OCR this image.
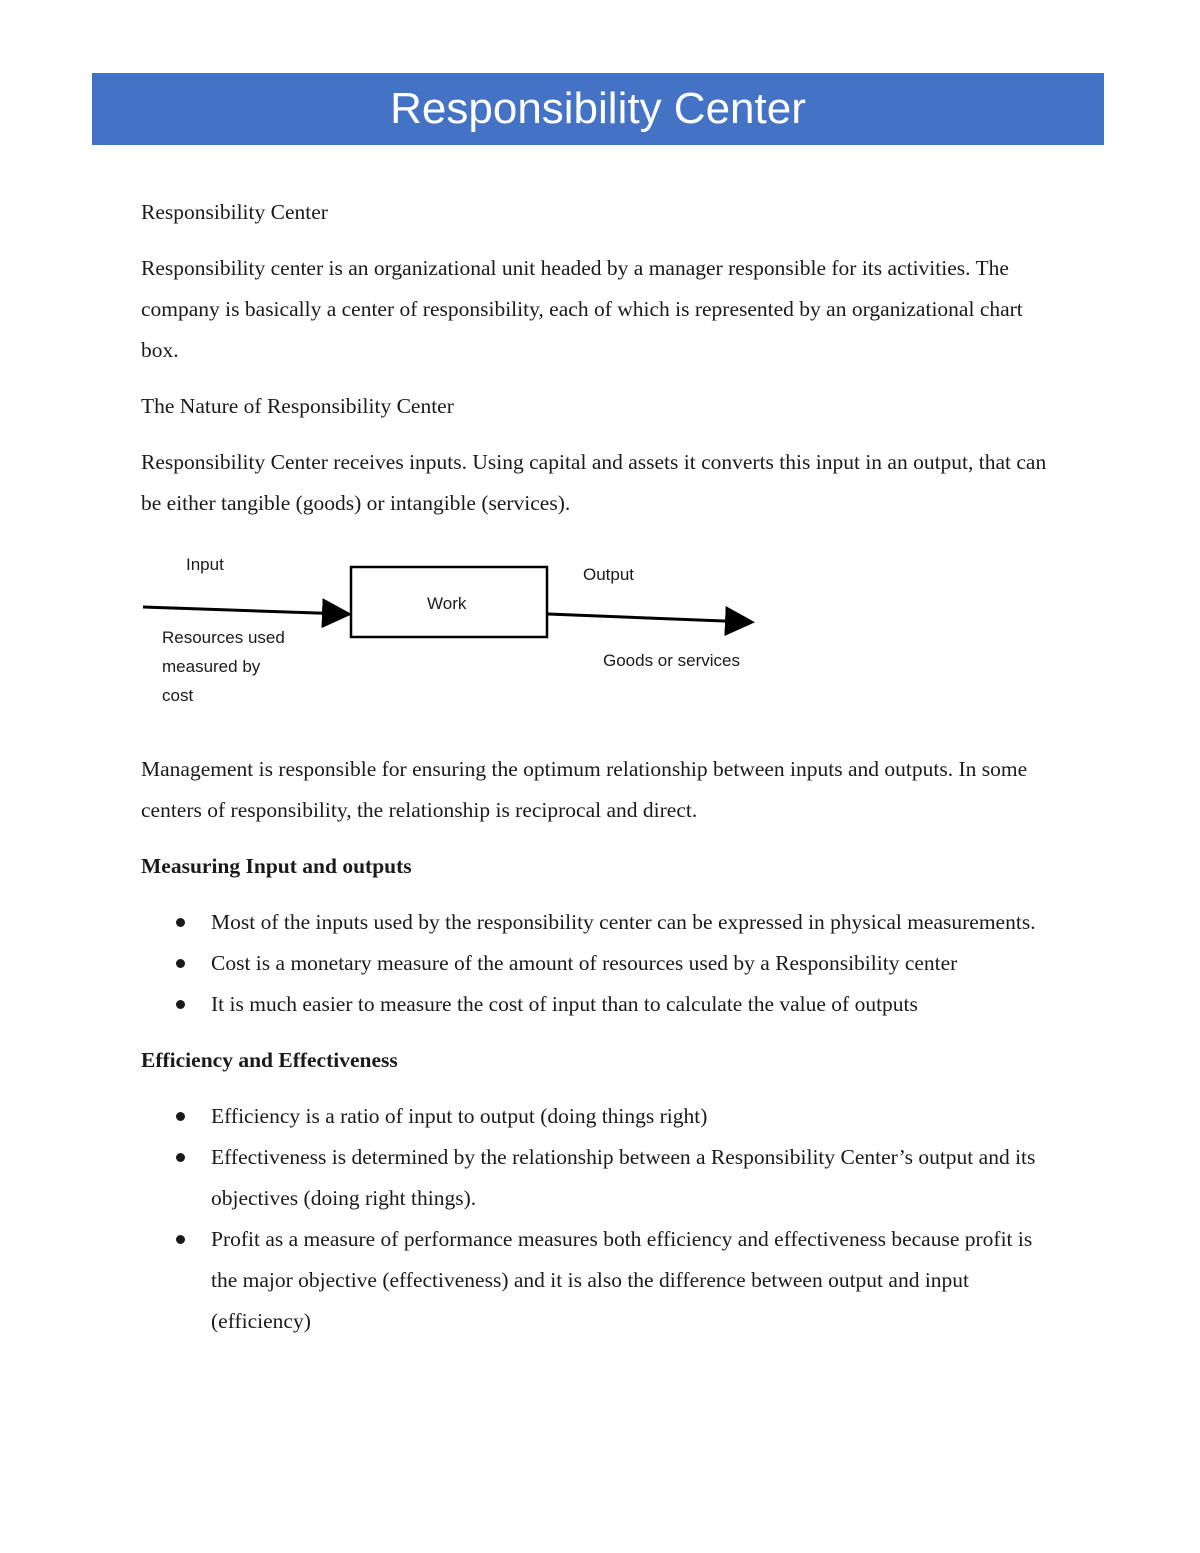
Responsibility Center

Responsibility Center

Responsibility center is an organizational unit headed by a manager responsible for its activities. The company is basically a center of responsibility, each of which is represented by an organizational chart box.

The Nature of Responsibility Center

Responsibility Center receives inputs. Using capital and assets it converts this input in an output, that can be either tangible (goods) or intangible (services).

Input
Work
Output
Resources used
measured by
cost
Goods or services

Management is responsible for ensuring the optimum relationship between inputs and outputs. In some centers of responsibility, the relationship is reciprocal and direct.

Measuring Input and outputs
Most of the inputs used by the responsibility center can be expressed in physical measurements.
Cost is a monetary measure of the amount of resources used by a Responsibility center
It is much easier to measure the cost of input than to calculate the value of outputs
Efficiency and Effectiveness
Efficiency is a ratio of input to output (doing things right)
Effectiveness is determined by the relationship between a Responsibility Center’s output and its objectives (doing right things).
Profit as a measure of performance measures both efficiency and effectiveness because profit is the major objective (effectiveness) and it is also the difference between output and input (efficiency)
